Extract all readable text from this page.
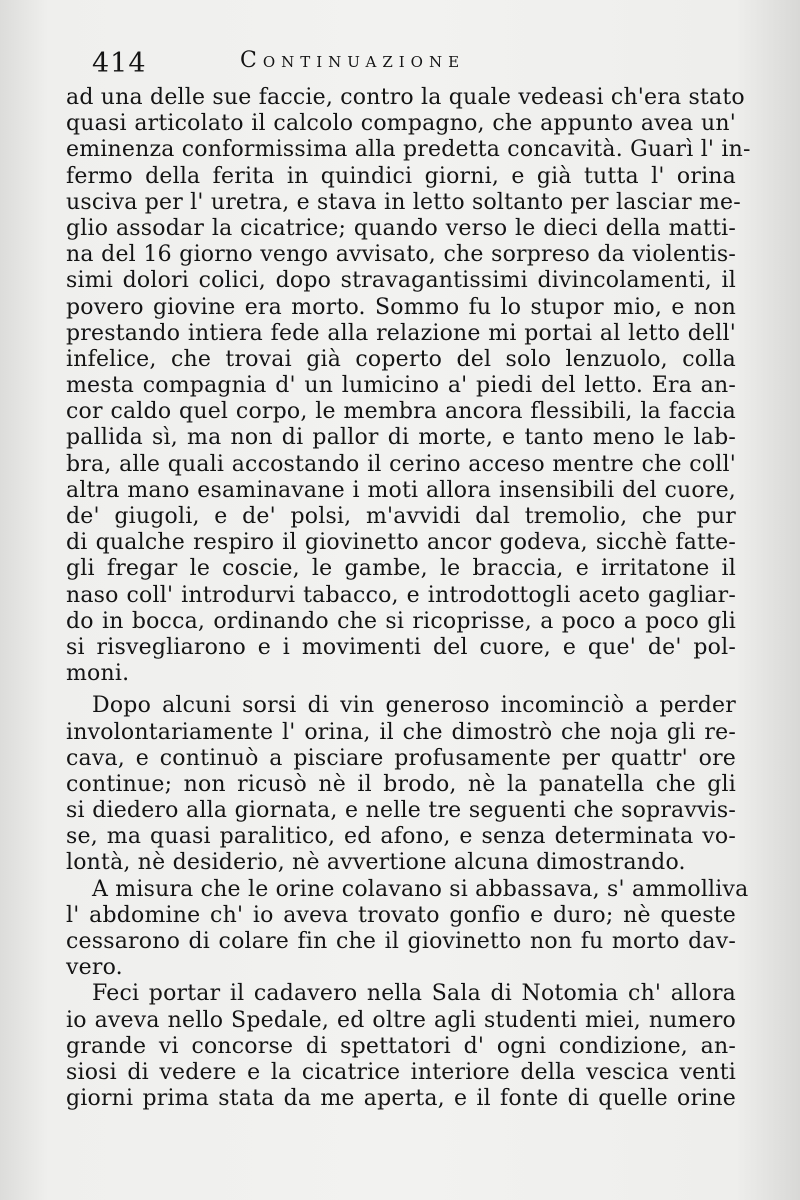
414	Continuazione
ad una delle sue faccie, contro la quale vedeasi ch'era stato
quasi articolato il calcolo compagno, che appunto avea un'
eminenza conformissima alla predetta concavità. Guarì l' in-
fermo della ferita in quindici giorni, e già tutta l' orina
usciva per l' uretra, e stava in letto soltanto per lasciar me-
glio assodar la cicatrice; quando verso le dieci della matti-
na del 16 giorno vengo avvisato, che sorpreso da violentis-
simi dolori colici, dopo stravagantissimi divincolamenti, il
povero giovine era morto. Sommo fu lo stupor mio, e non
prestando intiera fede alla relazione mi portai al letto dell'
infelice, che trovai già coperto del solo lenzuolo, colla
mesta compagnia d' un lumicino a' piedi del letto. Era an-
cor caldo quel corpo, le membra ancora flessibili, la faccia
pallida sì, ma non di pallor di morte, e tanto meno le lab-
bra, alle quali accostando il cerino acceso mentre che coll'
altra mano esaminavane i moti allora insensibili del cuore,
de' giugoli, e de' polsi, m'avvidi dal tremolio, che pur
di qualche respiro il giovinetto ancor godeva, sicchè fatte-
gli fregar le coscie, le gambe, le braccia, e irritatone il
naso coll' introdurvi tabacco, e introdottogli aceto gagliar-
do in bocca, ordinando che si ricoprisse, a poco a poco gli
si risvegliarono e i movimenti del cuore, e que' de' pol-
moni.
Dopo alcuni sorsi di vin generoso incominciò a perder
involontariamente l' orina, il che dimostrò che noja gli re-
cava, e continuò a pisciare profusamente per quattr' ore
continue; non ricusò nè il brodo, nè la panatella che gli
si diedero alla giornata, e nelle tre seguenti che sopravvis-
se, ma quasi paralitico, ed afono, e senza determinata vo-
lontà, nè desiderio, nè avvertione alcuna dimostrando.
A misura che le orine colavano si abbassava, s' ammolliva
l' abdomine ch' io aveva trovato gonfio e duro; nè queste
cessarono di colare fin che il giovinetto non fu morto dav-
vero.
Feci portar il cadavero nella Sala di Notomia ch' allora
io aveva nello Spedale, ed oltre agli studenti miei, numero
grande vi concorse di spettatori d' ogni condizione, an-
siosi di vedere e la cicatrice interiore della vescica venti
giorni prima stata da me aperta, e il fonte di quelle orine
